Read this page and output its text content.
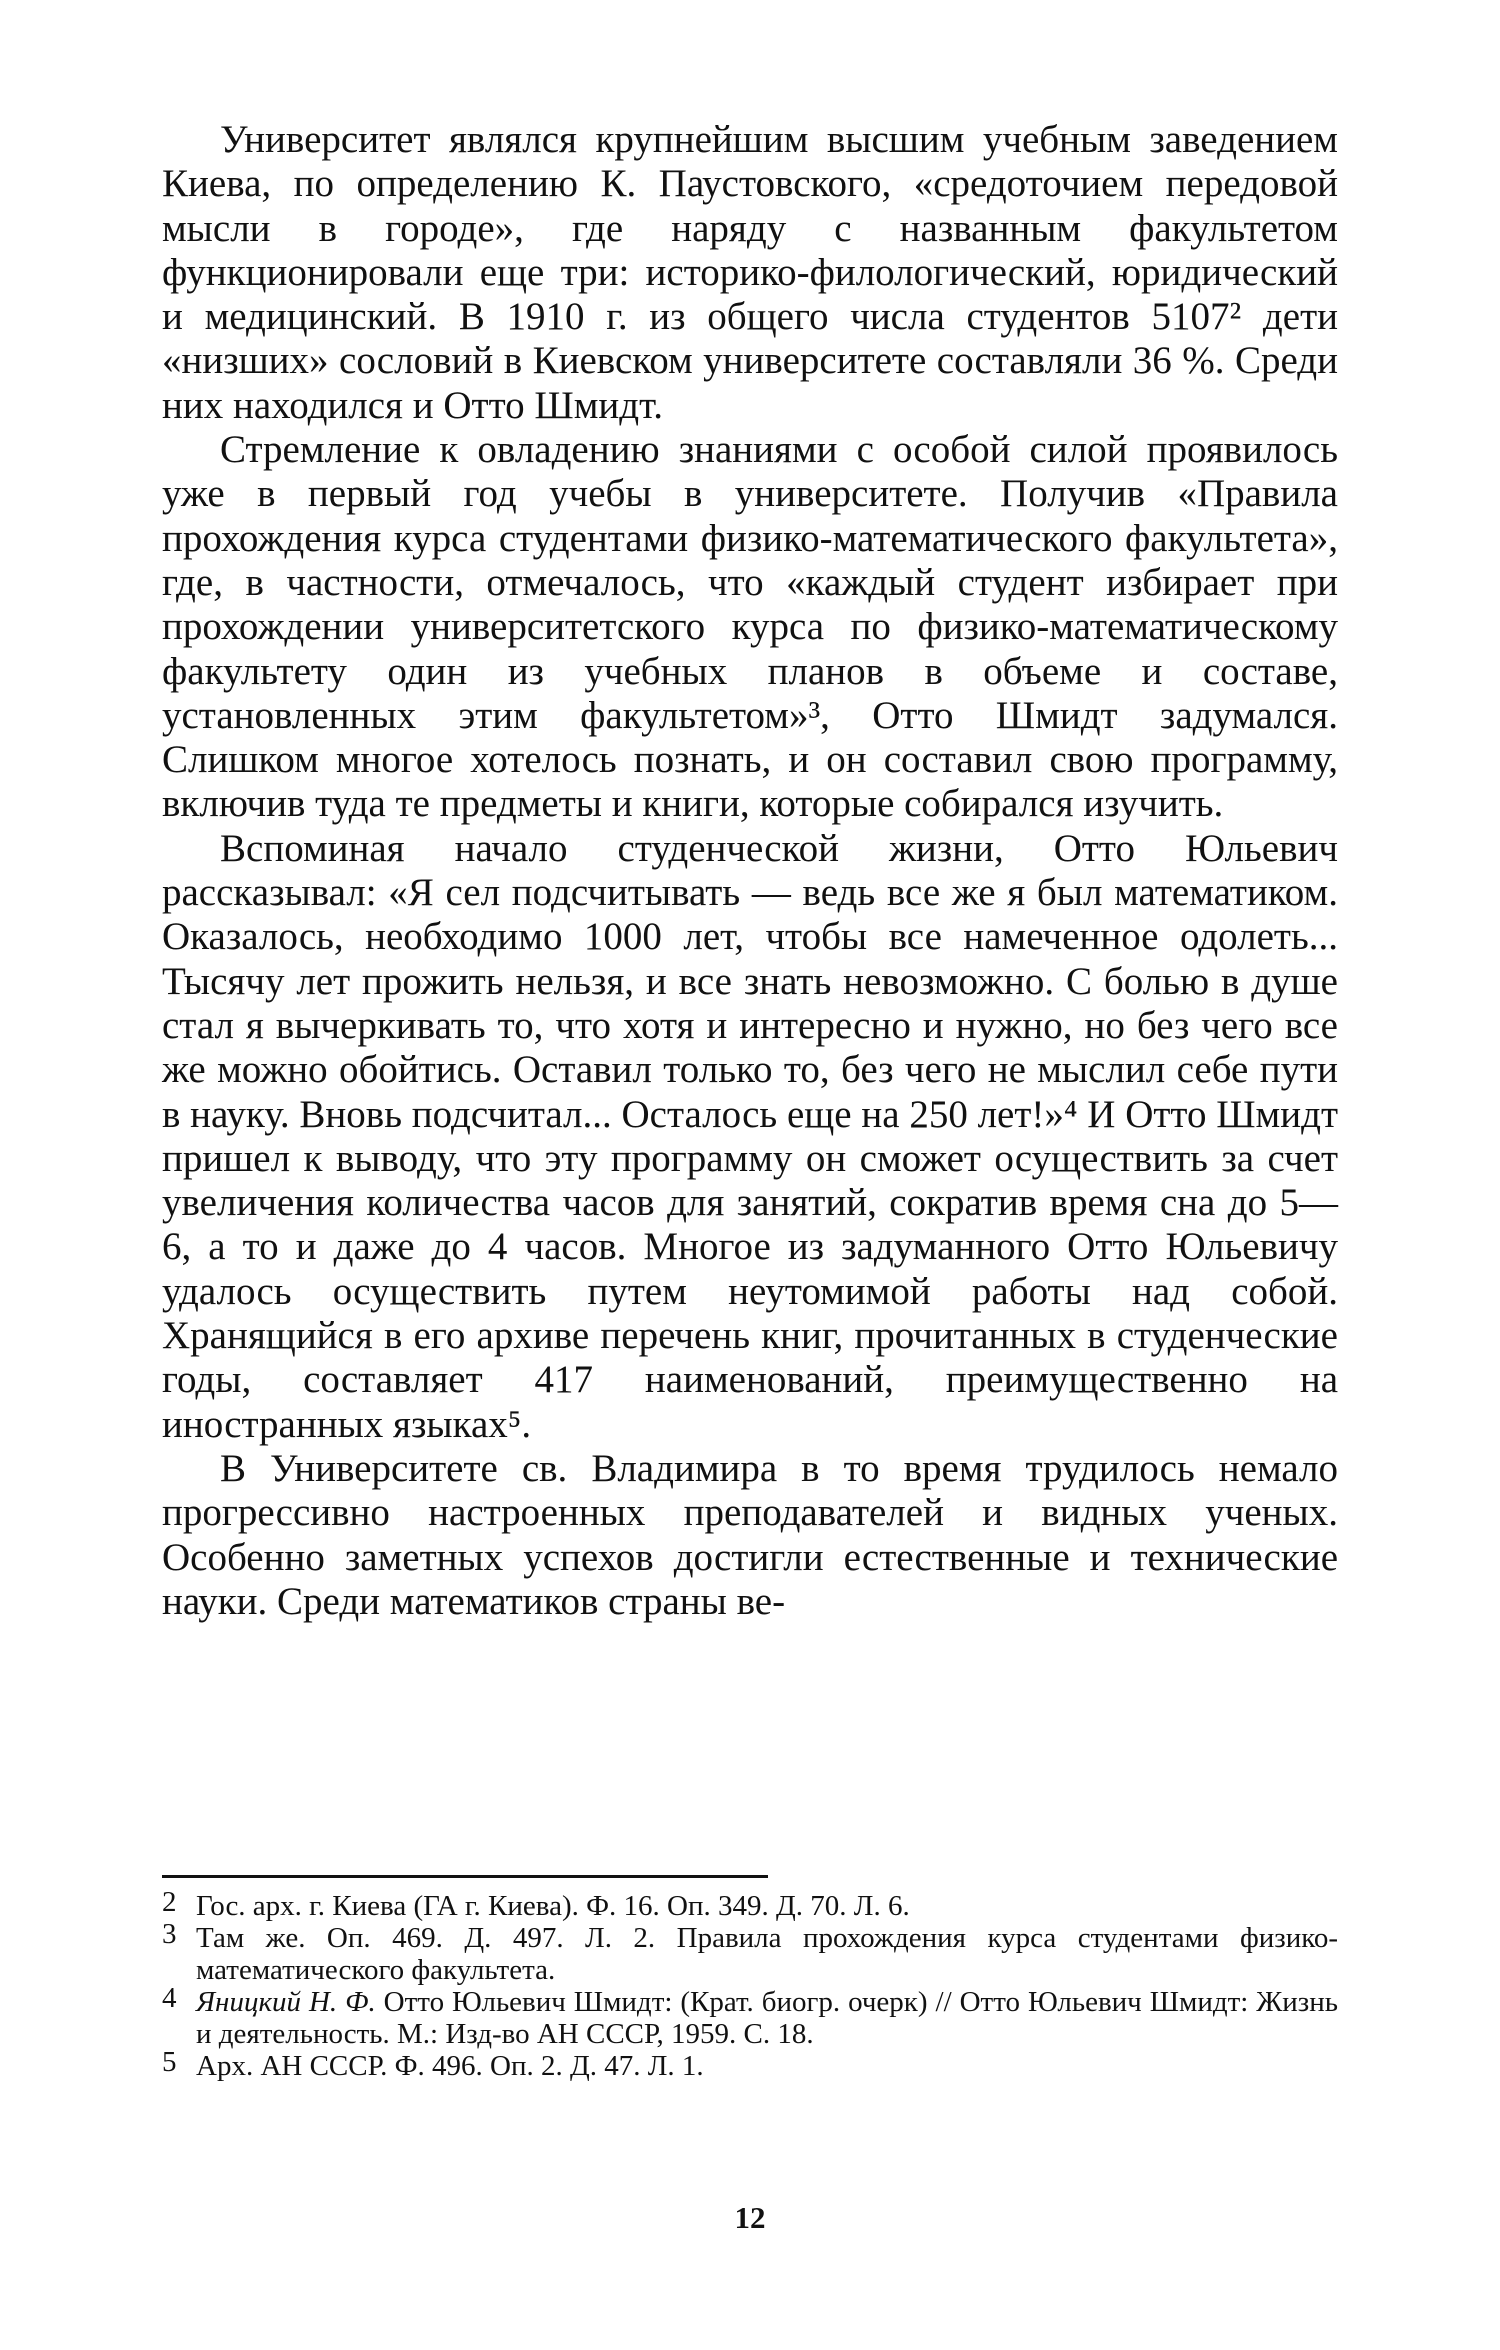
Университет являлся крупнейшим высшим учебным заведением Киева, по определению К. Паустовского, «средоточием передовой мысли в городе», где наряду с названным факультетом функционировали еще три: историко-филологический, юридический и медицинский. В 1910 г. из общего числа студентов 5107² дети «низших» сословий в Киевском университете составляли 36 %. Среди них находился и Отто Шмидт.

Стремление к овладению знаниями с особой силой проявилось уже в первый год учебы в университете. Получив «Правила прохождения курса студентами физико-математического факультета», где, в частности, отмечалось, что «каждый студент избирает при прохождении университетского курса по физико-математическому факультету один из учебных планов в объеме и составе, установленных этим факультетом»³, Отто Шмидт задумался. Слишком многое хотелось познать, и он составил свою программу, включив туда те предметы и книги, которые собирался изучить.

Вспоминая начало студенческой жизни, Отто Юльевич рассказывал: «Я сел подсчитывать — ведь все же я был математиком. Оказалось, необходимо 1000 лет, чтобы все намеченное одолеть... Тысячу лет прожить нельзя, и все знать невозможно. С болью в душе стал я вычеркивать то, что хотя и интересно и нужно, но без чего все же можно обойтись. Оставил только то, без чего не мыслил себе пути в науку. Вновь подсчитал... Осталось еще на 250 лет!»⁴ И Отто Шмидт пришел к выводу, что эту программу он сможет осуществить за счет увеличения количества часов для занятий, сократив время сна до 5—6, а то и даже до 4 часов. Многое из задуманного Отто Юльевичу удалось осуществить путем неутомимой работы над собой. Хранящийся в его архиве перечень книг, прочитанных в студенческие годы, составляет 417 наименований, преимущественно на иностранных языках⁵.

В Университете св. Владимира в то время трудилось немало прогрессивно настроенных преподавателей и видных ученых. Особенно заметных успехов достигли естественные и технические науки. Среди математиков страны ве-

2 Гос. арх. г. Киева (ГА г. Киева). Ф. 16. Оп. 349. Д. 70. Л. 6.

3 Там же. Оп. 469. Д. 497. Л. 2. Правила прохождения курса студентами физико-математического факультета.

4 Яницкий Н. Ф. Отто Юльевич Шмидт: (Крат. биогр. очерк) // Отто Юльевич Шмидт: Жизнь и деятельность. М.: Изд-во АН СССР, 1959. С. 18.

5 Арх. АН СССР. Ф. 496. Оп. 2. Д. 47. Л. 1.

12
